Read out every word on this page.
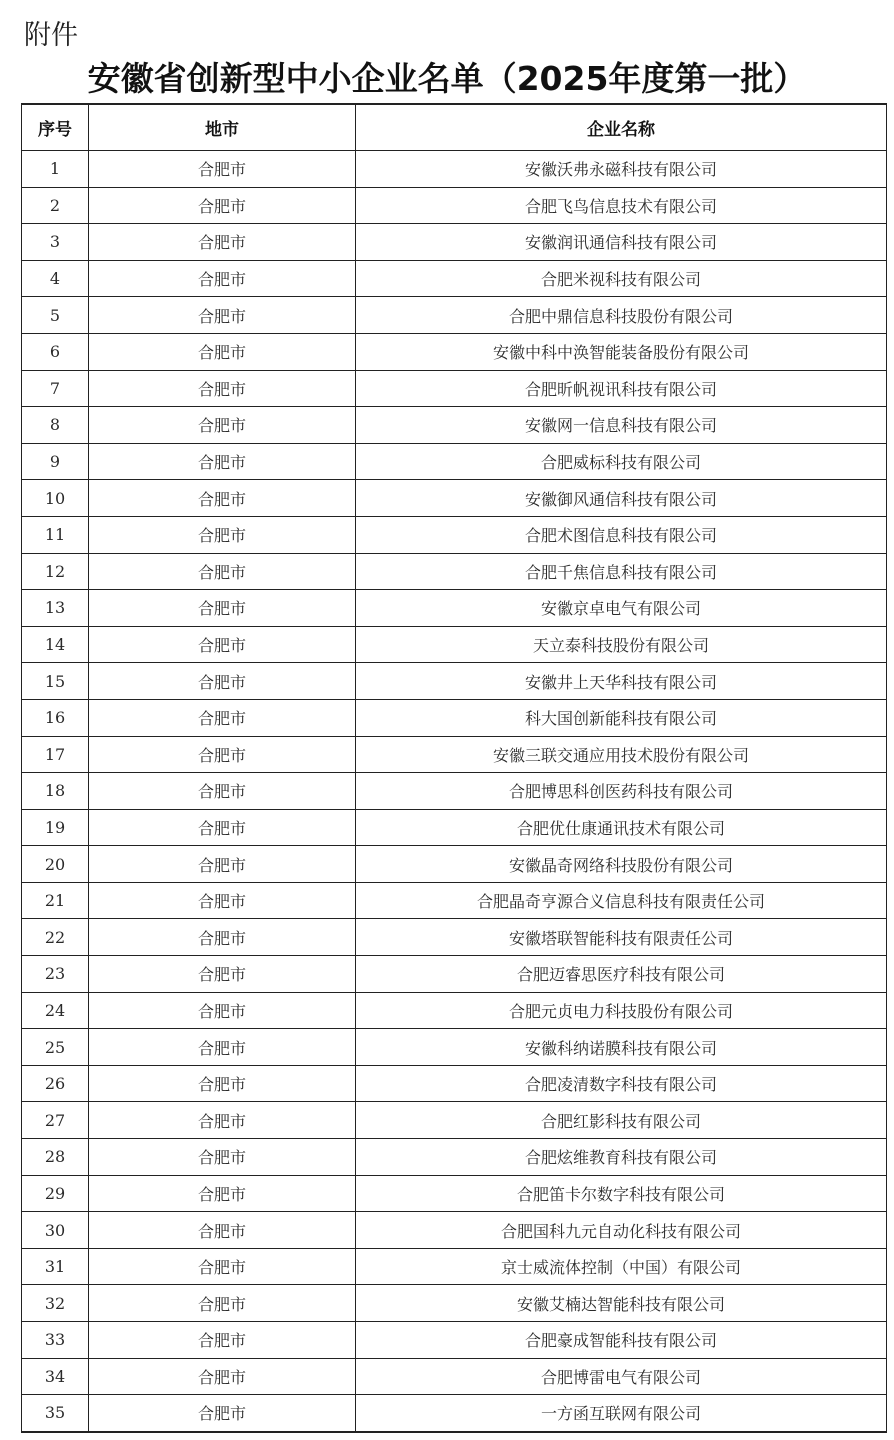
附件
安徽省创新型中小企业名单（2025年度第一批）
序号	地市	企业名称
1	合肥市	安徽沃弗永磁科技有限公司
2	合肥市	合肥飞鸟信息技术有限公司
3	合肥市	安徽润讯通信科技有限公司
4	合肥市	合肥米视科技有限公司
5	合肥市	合肥中鼎信息科技股份有限公司
6	合肥市	安徽中科中涣智能装备股份有限公司
7	合肥市	合肥昕帆视讯科技有限公司
8	合肥市	安徽网一信息科技有限公司
9	合肥市	合肥威标科技有限公司
10	合肥市	安徽御风通信科技有限公司
11	合肥市	合肥术图信息科技有限公司
12	合肥市	合肥千焦信息科技有限公司
13	合肥市	安徽京卓电气有限公司
14	合肥市	天立泰科技股份有限公司
15	合肥市	安徽井上天华科技有限公司
16	合肥市	科大国创新能科技有限公司
17	合肥市	安徽三联交通应用技术股份有限公司
18	合肥市	合肥博思科创医药科技有限公司
19	合肥市	合肥优仕康通讯技术有限公司
20	合肥市	安徽晶奇网络科技股份有限公司
21	合肥市	合肥晶奇亨源合义信息科技有限责任公司
22	合肥市	安徽塔联智能科技有限责任公司
23	合肥市	合肥迈睿思医疗科技有限公司
24	合肥市	合肥元贞电力科技股份有限公司
25	合肥市	安徽科纳诺膜科技有限公司
26	合肥市	合肥凌清数字科技有限公司
27	合肥市	合肥红影科技有限公司
28	合肥市	合肥炫维教育科技有限公司
29	合肥市	合肥笛卡尔数字科技有限公司
30	合肥市	合肥国科九元自动化科技有限公司
31	合肥市	京士威流体控制（中国）有限公司
32	合肥市	安徽艾楠达智能科技有限公司
33	合肥市	合肥豪成智能科技有限公司
34	合肥市	合肥博雷电气有限公司
35	合肥市	一方函互联网有限公司
